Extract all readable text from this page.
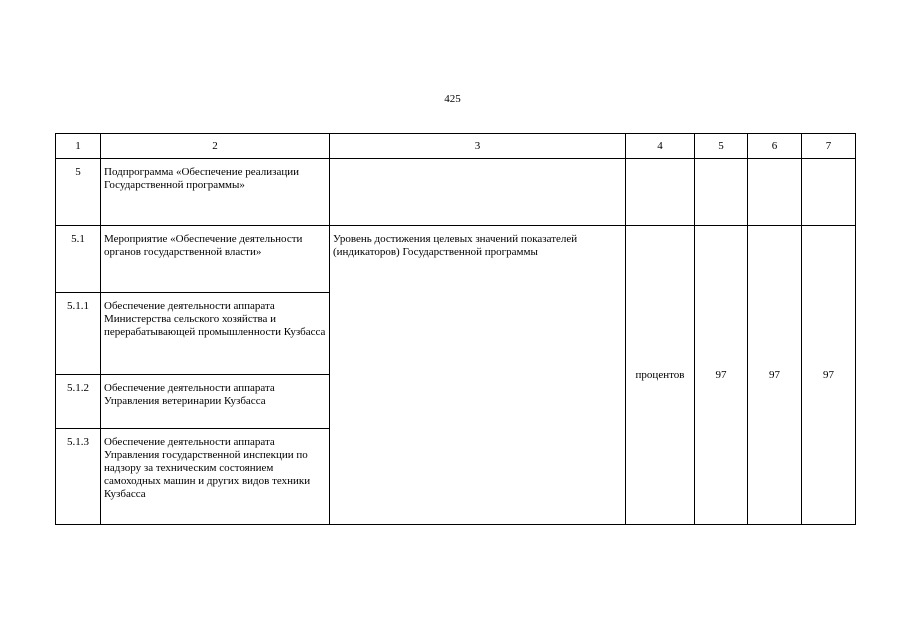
425
1	2	3	4	5	6	7
5	Подпрограмма «Обеспечение реализации Государственной программы»					
5.1	Мероприятие «Обеспечение деятельности органов государственной власти»	Уровень достижения целевых значений показателей (индикаторов) Государственной программы	процентов	97	97	97
5.1.1	Обеспечение деятельности аппарата Министерства сельского хозяйства и перерабатывающей промышленности Кузбасса					
5.1.2	Обеспечение деятельности аппарата Управления ветеринарии Кузбасса					
5.1.3	Обеспечение деятельности аппарата Управления государственной инспекции по надзору за техническим состоянием самоходных машин и других видов техники Кузбасса					
